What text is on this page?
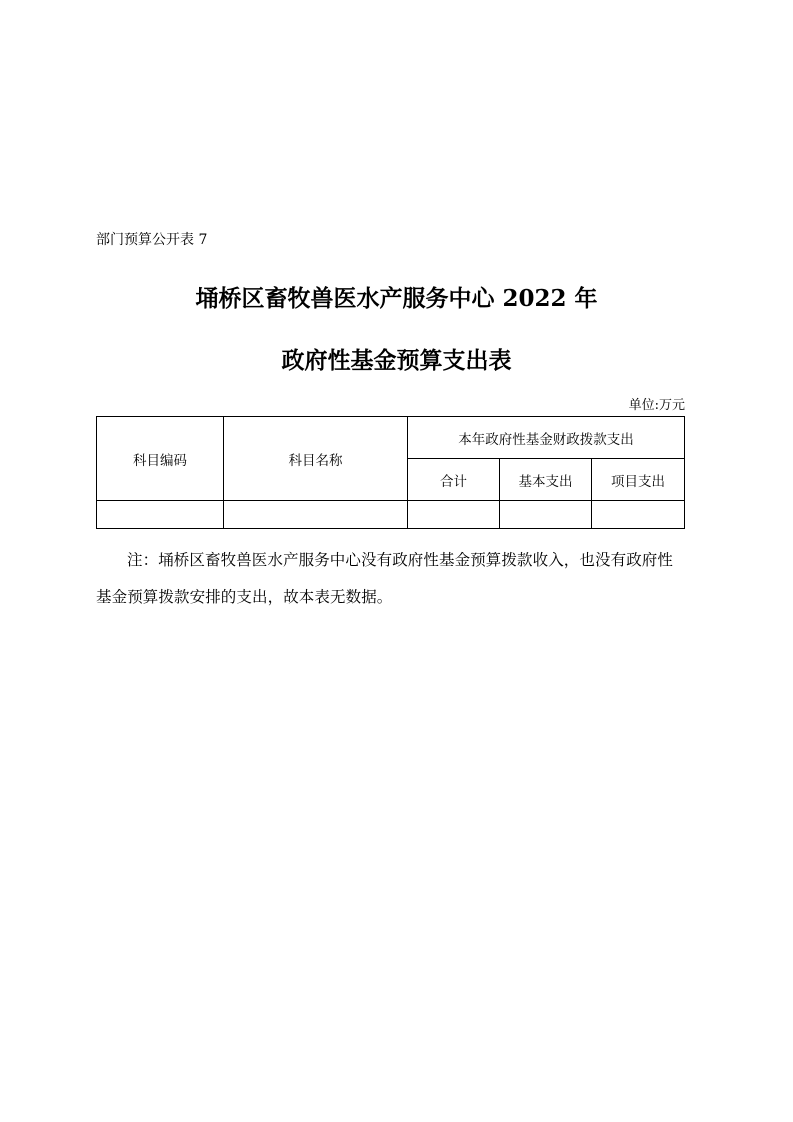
部门预算公开表 7
埇桥区畜牧兽医水产服务中心 2022 年
政府性基金预算支出表
单位:万元
科目编码	科目名称	本年政府性基金财政拨款支出		
		合计	基本支出	项目支出

注：埇桥区畜牧兽医水产服务中心没有政府性基金预算拨款收入，也没有政府性基金预算拨款安排的支出，故本表无数据。
